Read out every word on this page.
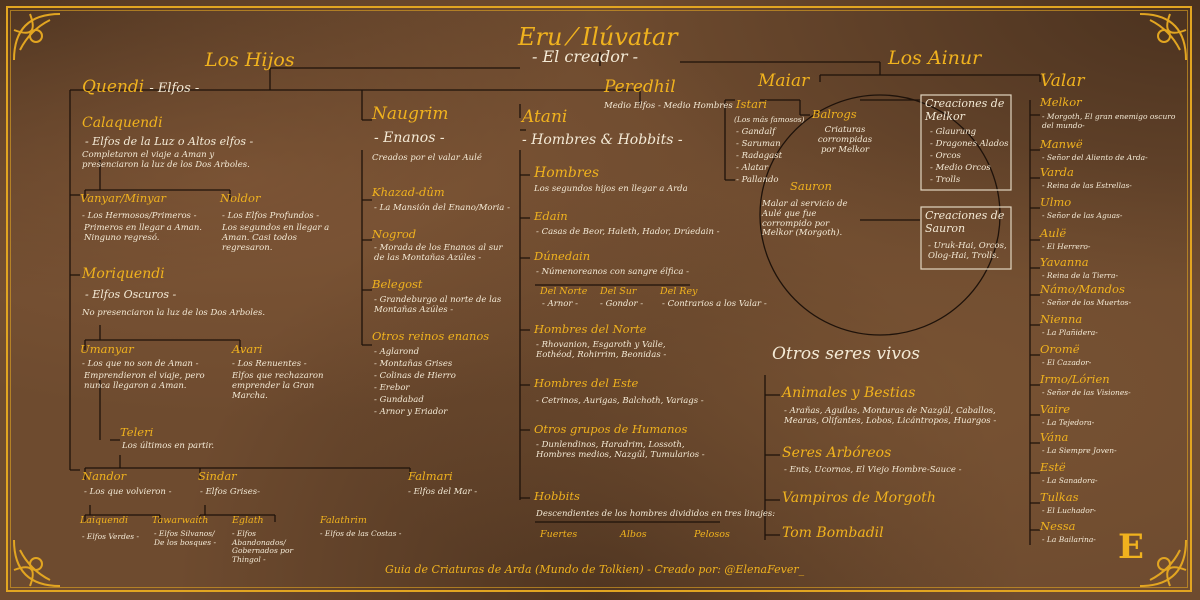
Eru ⁄ Ilúvatar
- El creador -
Los Hijos	Los Ainur
Quendi - Elfos -
Calaquendi
- Elfos de la Luz o Altos elfos -
Completaron el viaje a Aman y presenciaron la luz de los Dos Arboles.
Vanyar/Minyar
- Los Hermosos/Primeros -
Primeros en llegar a Aman. Ninguno regresó.
Noldor
- Los Elfos Profundos -
Los segundos en llegar a Aman. Casi todos regresaron.
Moriquendi
- Elfos Oscuros -
No presenciaron la luz de los Dos Arboles.
Umanyar
- Los que no son de Aman -
Emprendieron el viaje, pero nunca llegaron a Aman.
Avari
- Los Renuentes -
Elfos que rechazaron emprender la Gran Marcha.
Teleri
Los últimos en partir.
Nandor
- Los que volvieron -
Sindar
- Elfos Grises-
Falmari
- Elfos del Mar -
Laiquendi
- Elfos Verdes -
Tawarwaith
- Elfos Silvanos/ De los bosques -
Eglath
- Elfos Abandonados/ Gobernados por Thingol -
Falathrim
- Elfos de las Costas -
Naugrim
- Enanos -
Creados por el valar Aulé
Khazad-dûm
- La Mansión del Enano/Moria -
Nogrod
- Morada de los Enanos al sur de las Montañas Azúles -
Belegost
- Grandeburgo al norte de las Montañas Azúles -
Otros reinos enanos
- Aglarond
- Montañas Grises
- Colinas de Hierro
- Erebor
- Gundabad
- Arnor y Eriador
Peredhil
Medio Elfos - Medio Hombres
Atani
- Hombres & Hobbits -
Hombres
Los segundos hijos en llegar a Arda
Edain
- Casas de Beor, Haleth, Hador, Drúedain -
Dúnedain
- Númenoreanos con sangre élfica -
Del Norte
- Arnor -
Del Sur
- Gondor -
Del Rey
- Contrarios a los Valar -
Hombres del Norte
- Rhovanion, Esgaroth y Valle, Eothéod, Rohirrim, Beonidas -
Hombres del Este
- Cetrinos, Aurigas, Balchoth, Variags -
Otros grupos de Humanos
- Dunlendinos, Haradrim, Lossoth, Hombres medios, Nazgûl, Tumularios -
Hobbits
Descendientes de los hombres divididos en tres linajes:
Fuertes	Albos	Pelosos
Maiar
Istari
(Los más famosos)
- Gandalf
- Saruman
- Radagast
- Alatar
- Pallando
Balrogs
Criaturas corrompidas por Melkor
Creaciones de Melkor
- Glaurung
- Dragones Alados
- Orcos
- Medio Orcos
- Trolls
Sauron
Malar al servicio de Aulé que fue corrompido por Melkor (Morgoth).
Creaciones de Sauron
- Uruk-Hai, Orcos, Olog-Hai, Trolls.
Otros seres vivos
Animales y Bestias
- Arañas, Aguilas, Monturas de Nazgûl, Caballos, Mearas, Olifantes, Lobos, Licántropos, Huargos -
Seres Arbóreos
- Ents, Ucornos, El Viejo Hombre-Sauce -
Vampiros de Morgoth
Tom Bombadil
Valar
Melkor
- Morgoth, El gran enemigo oscuro del mundo-
Manwë
- Señor del Aliento de Arda-
Varda
- Reina de las Estrellas-
Ulmo
- Señor de las Aguas-
Aulë
- El Herrero-
Yavanna
- Reina de la Tierra-
Námo/Mandos
- Señor de los Muertos-
Nienna
- La Plañidera-
Oromë
- El Cazador-
Irmo/Lórien
- Señor de las Visiones-
Vaire
- La Tejedora-
Vána
- La Siempre Joven-
Estë
- La Sanadora-
Tulkas
- El Luchador-
Nessa
- La Bailarina-
Guia de Criaturas de Arda (Mundo de Tolkien) - Creado por: @ElenaFever_
E
